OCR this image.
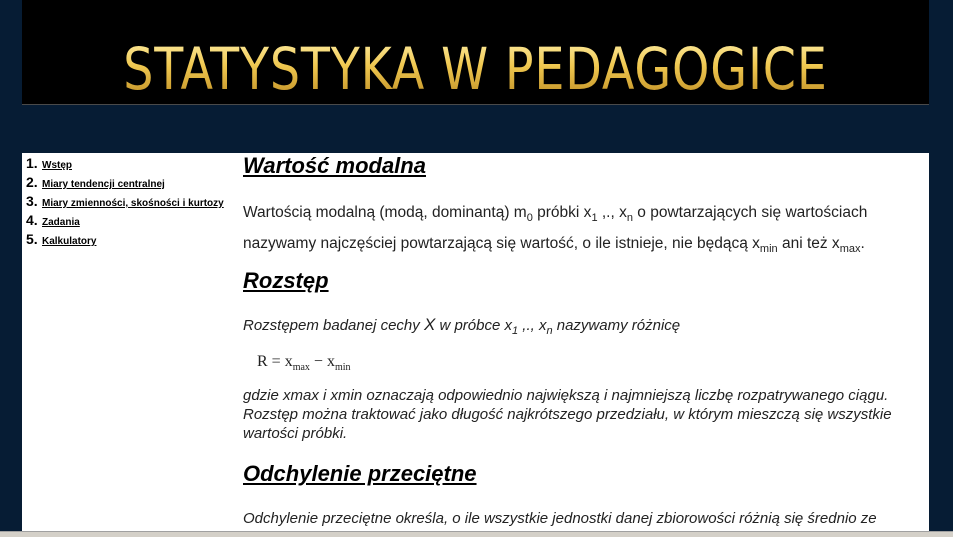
STATYSTYKA W PEDAGOGICE
1. Wstęp
2. Miary tendencji centralnej
3. Miary zmienności, skośności i kurtozy
4. Zadania
5. Kalkulatory
Wartość modalna

Wartością modalną (modą, dominantą) $m_0$ próbki $x_1$ ,., $x_n$ o powtarzających się wartościach nazywamy najczęściej powtarzającą się wartość, o ile istnieje, nie będącą $x_{min}$ ani też $x_{max}$.

Rozstęp

Rozstępem badanej cechy X w próbce $x_1$ ,., $x_n$ nazywamy różnicę

$R = x_{max} - x_{min}$

gdzie xmax i xmin oznaczają odpowiednio największą i najmniejszą liczbę rozpatrywanego ciągu. Rozstęp można traktować jako długość najkrótszego przedziału, w którym mieszczą się wszystkie wartości próbki.

Odchylenie przeciętne

Odchylenie przeciętne określa, o ile wszystkie jednostki danej zbiorowości różnią się średnio ze
